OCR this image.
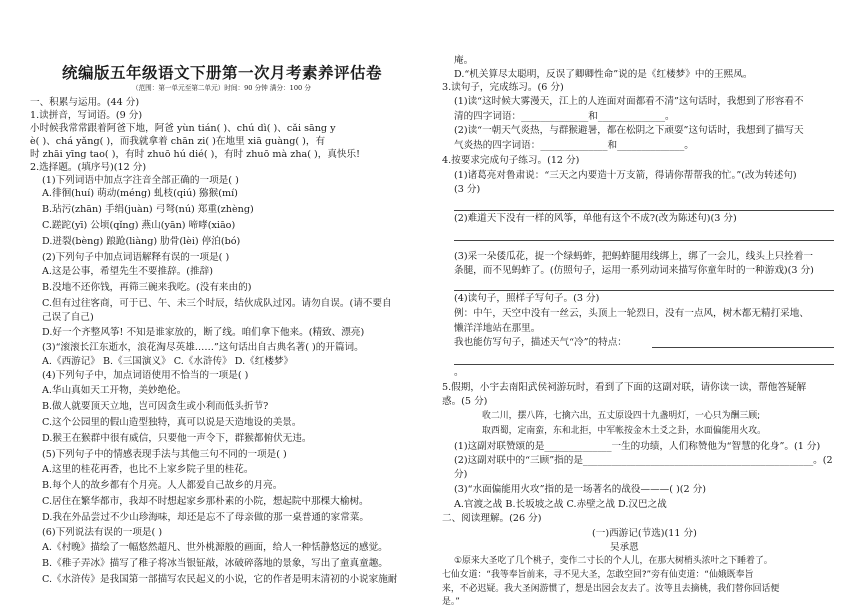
统编版五年级语文下册第一次月考素养评估卷
（范围：第一单元至第二单元）时间：90 分钟 满分：100 分
一、积累与运用。(44 分)
1.读拼音，写词语。(9 分)
小时候我常常跟着阿爸下地，阿爸 yùn tián( )、chú dì( )、cǎi sāng y
è( )、chá yǎng( )，而我就拿着 chān zi( )在地里 xiā guàng( )，有
时 zhāi yīng tao( )，有时 zhuō hú dié( )，有时 zhuō mà zha( )，真快乐!
2.选择题。(填序号)(12 分)
(1)下列词语中加点字注音全部正确的一项是( )
A.徘徊(huí) 萌动(méng) 虬枝(qiú) 猕猴(mí)
B.玷污(zhān) 手绢(juàn) 弓弩(nú) 郑重(zhèng)
C.蹉跎(yī) 公顷(qǐng) 燕山(yān) 啼哮(xiāo)
D.迸裂(bèng) 踉跄(liàng) 肋骨(lèi) 停泊(bó)
(2)下列句子中加点词语解释有误的一项是( )
A.这是公事，希望先生不要推辞。(推辞)
B.没地不还你钱，再筛三碗来我吃。(没有来由的)
C.但有过往客商，可于已、午、未三个时辰，结伙成队过冈。请勿自误。(请不要自
己误了自己)
D.好一个齐整风筝! 不知是谁家放的，断了线。咱们拿下他来。(精致、漂亮)
(3)“滚滚长江东逝水，浪花淘尽英雄……”这句话出自古典名著( )的开篇词。
A.《西游记》 B.《三国演义》 C.《水浒传》 D.《红楼梦》
(4)下列句子中，加点词语使用不恰当的一项是( )
A.华山真如天工开物，美妙绝伦。
B.做人就要顶天立地，岂可因贪生或小利而低头折节?
C.这个公园里的假山造型独特，真可以说是天造地设的美景。
D.猴王在猴群中很有威信，只要他一声令下，群猴都俯伏无违。
(5)下列句子中的情感表现手法与其他三句不同的一项是( )
A.这里的桂花再香，也比不上家乡院子里的桂花。
B.每个人的故乡都有个月亮。人人都爱自己故乡的月亮。
C.居住在繁华都市，我却不时想起家乡那朴素的小院，想起院中那棵大榆树。
D.我在外品尝过不少山珍海味，却还是忘不了母亲做的那一桌普通的家常菜。
(6)下列说法有误的一项是( )
A.《村晚》描绘了一幅悠然超凡、世外桃源般的画面，给人一种恬静悠远的感觉。
B.《稚子弄冰》描写了稚子将冰当银钲敲，冰破碎落地的景象，写出了童真童趣。
C.《水浒传》是我国第一部描写农民起义的小说，它的作者是明末清初的小说家施耐
庵。
D.“机关算尽太聪明，反误了卿卿性命”说的是《红楼梦》中的王熙凤。
3.读句子，完成练习。(6 分)
(1)读“这时候大雾漫天，江上的人连面对面都看不清”这句话时，我想到了形容看不
清的四字词语：______________和______________。
(2)读“一朝天气炎热，与群猴避暑，都在松阴之下顽耍”这句话时，我想到了描写天
气炎热的四字词语：______________和______________。
4.按要求完成句子练习。(12 分)
(1)诸葛亮对鲁肃说：“三天之内要造十万支箭，得请你帮帮我的忙。”(改为转述句)
(3 分)
(2)难道天下没有一样的风筝，单他有这个不成?(改为陈述句)(3 分)
(3)采一朵倭瓜花，捉一个绿蚂蚱，把蚂蚱腿用线绑上，绑了一会儿，线头上只拴着一
条腿，而不见蚂蚱了。(仿照句子，运用一系列动词来描写你童年时的一种游戏)(3 分)
(4)读句子，照样子写句子。(3 分)
例：中午，天空中没有一丝云，头顶上一轮烈日，没有一点风，树木都无精打采地、
懒洋洋地站在那里。
我也能仿写句子，描述天气“冷”的特点：
。
5.假期，小宇去南阳武侯祠游玩时，看到了下面的这副对联，请你读一读，帮他答疑解
惑。(5 分)
收二川，摆八阵，七擒六出，五丈原设四十九盏明灯，一心只为酬三顾;
取西蜀，定南蛮，东和北拒，中军帐按金木土爻之卦，水面偏能用火攻。
(1)这副对联赞颂的是______________一生的功绩，人们称赞他为“智慧的化身”。(1 分)
(2)这副对联中的“三顾”指的是________________________________________________。(2
分)
(3)“水面偏能用火攻”指的是一场著名的战役———( )(2 分)
A.官渡之战 B.长坂坡之战 C.赤壁之战 D.汉巴之战
二、阅读理解。(26 分)
(一)西游记(节选)(11 分)
吴承恩
①原来大圣吃了几个桃子，变作二寸长的个人儿，在那大树梢头浓叶之下睡着了。
七仙女道：“我等奉旨前来，寻不见大圣，怎敢空回?”旁有仙吏道：“仙娥既奉旨
来，不必迟疑。我大圣闲游惯了，想是出园会友去了。汝等且去摘桃，我们替你回话便
是。”
